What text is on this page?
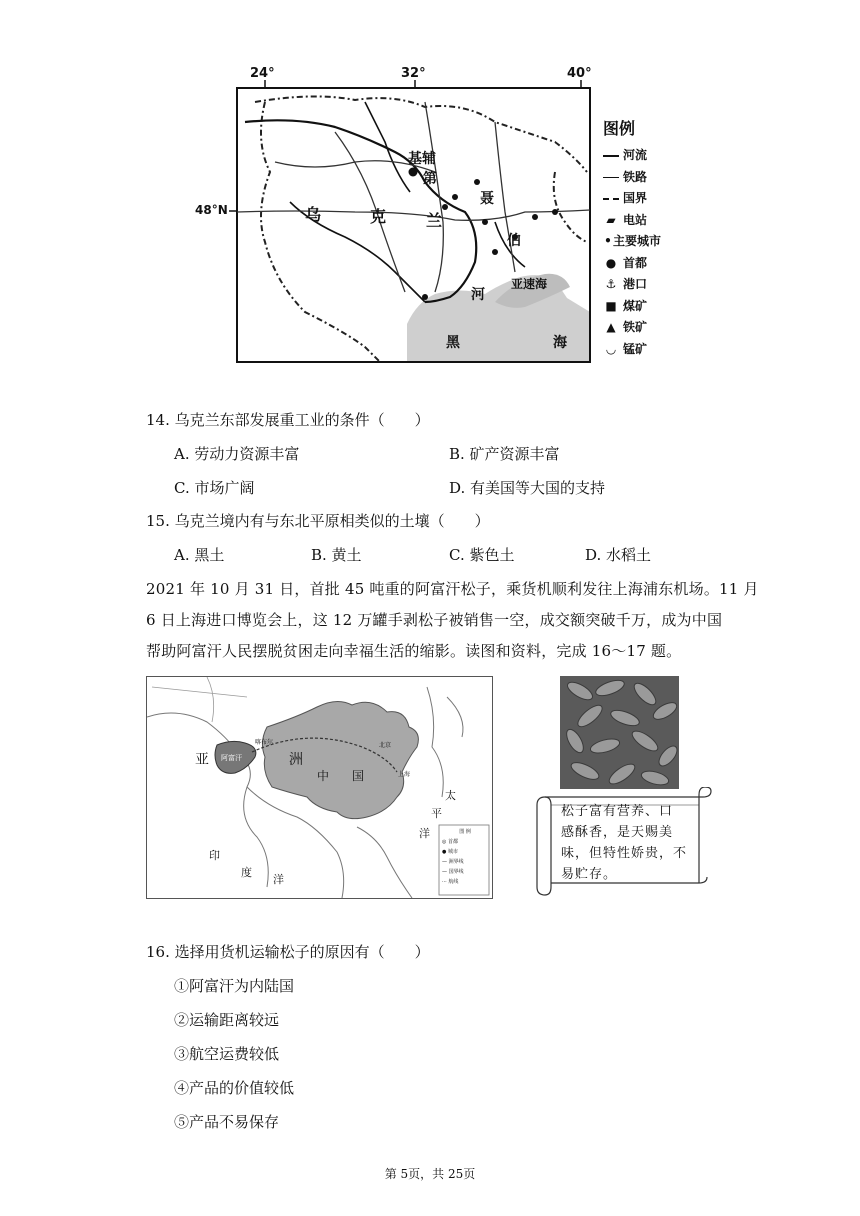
24°	32°	40°
48°N
基辅
第
聂
伯
河
乌	克 兰
亚速海
黑	海
图例
河流
铁路
国界
▰ 电站
•主要城市
● 首都
⚓ 港口
■ 煤矿
▲ 铁矿
◡ 锰矿
14. 乌克兰东部发展重工业的条件（　　）
A. 劳动力资源丰富	B. 矿产资源丰富
C. 市场广阔	D. 有美国等大国的支持
15. 乌克兰境内有与东北平原相类似的土壤（　　）
A. 黑土	B. 黄土	C. 紫色土	D. 水稻土
2021 年 10 月 31 日，首批 45 吨重的阿富汗松子，乘货机顺利发往上海浦东机场。11 月
6 日上海进口博览会上，这 12 万罐手剥松子被销售一空，成交额突破千万，成为中国
帮助阿富汗人民摆脱贫困走向幸福生活的缩影。读图和资料，完成 16～17 题。
亚	洲
中 国
阿富汗
喀布尔	北京
上海
太
平
洋
印
度
洋
图 例
◎ 首都
● 城市
— 洲界线
— 国界线
··· 航线
松子富有营养、口
感酥香，是天赐美
味，但特性娇贵，不
易贮存。
16. 选择用货机运输松子的原因有（　　）
①阿富汗为内陆国
②运输距离较远
③航空运费较低
④产品的价值较低
⑤产品不易保存
第 5页，共 25页
